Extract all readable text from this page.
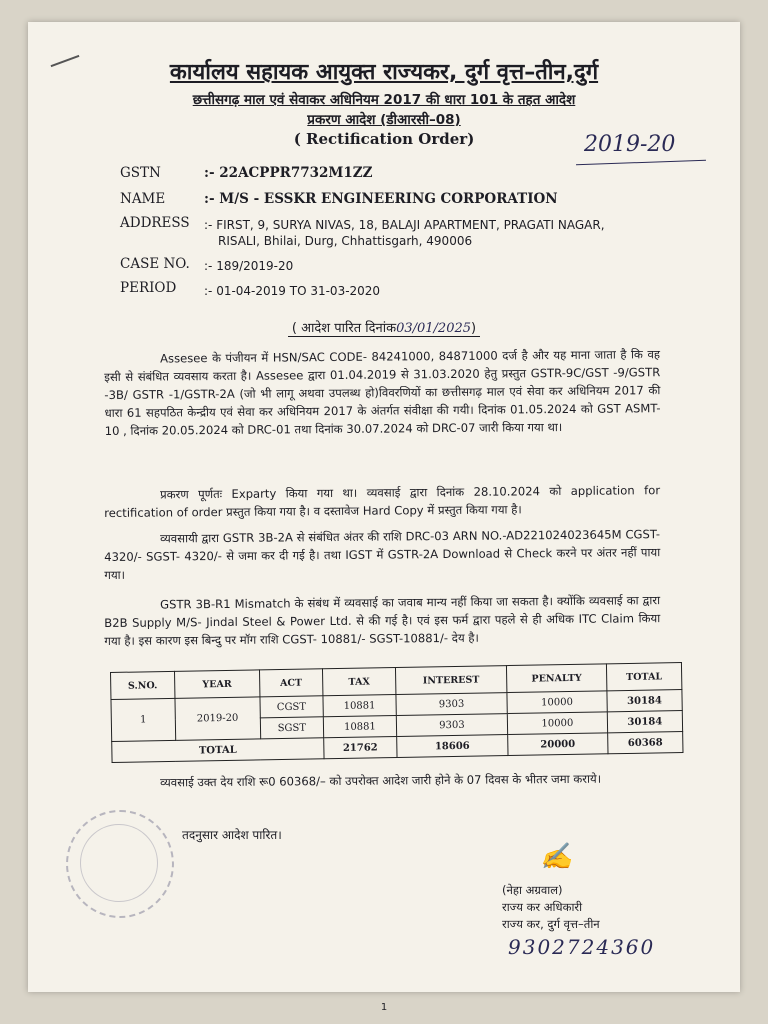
कार्यालय सहायक आयुक्त राज्यकर, दुर्ग वृत्त–तीन,दुर्ग
छत्तीसगढ़ माल एवं सेवाकर अधिनियम 2017 की धारा 101 के तहत आदेश
प्रकरण आदेश (डीआरसी–08)
( Rectification Order)	2019-20
GSTN	:- 22ACPPR7732M1ZZ
NAME	:- M/S - ESSKR ENGINEERING CORPORATION
ADDRESS :- FIRST, 9, SURYA NIVAS, 18, BALAJI APARTMENT, PRAGATI NAGAR,
RISALI, Bhilai, Durg, Chhattisgarh, 490006
CASE NO. :- 189/2019-20
PERIOD :- 01-04-2019 TO 31-03-2020
( आदेश पारित दिनांक03/01/2025)
Assesee के पंजीयन में HSN/SAC CODE- 84241000, 84871000 दर्ज है और यह माना जाता है कि वह इसी से संबंधित व्यवसाय करता है। Assesee द्वारा 01.04.2019 से 31.03.2020 हेतु प्रस्तुत GSTR-9C/GST -9/GSTR -3B/ GSTR -1/GSTR-2A (जो भी लागू अथवा उपलब्ध हो)विवरणियों का छत्तीसगढ़ माल एवं सेवा कर अधिनियम 2017 की धारा 61 सहपठित केन्द्रीय एवं सेवा कर अधिनियम 2017 के अंतर्गत संवीक्षा की गयी। दिनांक 01.05.2024 को GST ASMT-10 , दिनांक 20.05.2024 को DRC-01 तथा दिनांक 30.07.2024 को DRC-07 जारी किया गया था।
प्रकरण पूर्णतः Exparty किया गया था। व्यवसाई द्वारा दिनांक 28.10.2024 को application for rectification of order प्रस्तुत किया गया है। व दस्तावेज Hard Copy में प्रस्तुत किया गया है।
व्यवसायी द्वारा GSTR 3B-2A से संबंधित अंतर की राशि DRC-03 ARN NO.-AD221024023645M CGST- 4320/- SGST- 4320/- से जमा कर दी गई है। तथा IGST में GSTR-2A Download से Check करने पर अंतर नहीं पाया गया।
GSTR 3B-R1 Mismatch के संबंध में व्यवसाई का जवाब मान्य नहीं किया जा सकता है। क्योंकि व्यवसाई का द्वारा B2B Supply M/S- Jindal Steel & Power Ltd. से की गई है। एवं इस फर्म द्वारा पहले से ही अधिक ITC Claim किया गया है। इस कारण इस बिन्दु पर मॉग राशि CGST- 10881/- SGST-10881/- देय है।
S.NO.	YEAR	ACT	TAX	INTEREST	PENALTY	TOTAL
1	2019-20	CGST	10881	9303	10000	30184
		SGST	10881	9303	10000	30184
TOTAL			21762	18606	20000	60368
व्यवसाई उक्त देय राशि रू0 60368/– को उपरोक्त आदेश जारी होने के 07 दिवस के भीतर जमा कराये।
तदनुसार आदेश पारित।
✍
(नेहा अग्रवाल)
राज्य कर अधिकारी
राज्य कर, दुर्ग वृत्त–तीन
9302724360
1
